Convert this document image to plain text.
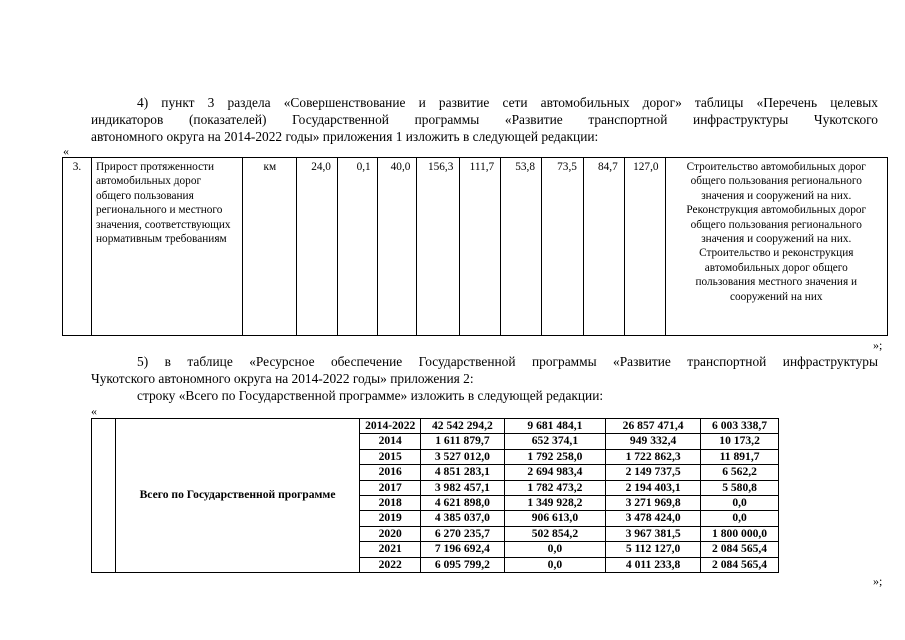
4) пункт 3 раздела «Совершенствование и развитие сети автомобильных дорог» таблицы «Перечень целевых
индикаторов (показателей) Государственной программы «Развитие транспортной инфраструктуры Чукотского
автономного округа на 2014-2022 годы» приложения 1 изложить в следующей редакции:
«
3.	Прирост протяженности автомобильных дорог общего пользования регионального и местного значения, соответствующих нормативным требованиям	км	24,0	0,1	40,0	156,3	111,7	53,8	73,5	84,7	127,0	Строительство автомобильных дорог общего пользования регионального значения и сооружений на них. Реконструкция автомобильных дорог общего пользования регионального значения и сооружений на них. Строительство и реконструкция автомобильных дорог общего пользования местного значения и сооружений на них
»;
5) в таблице «Ресурсное обеспечение Государственной программы «Развитие транспортной инфраструктуры
Чукотского автономного округа на 2014-2022 годы» приложения 2:
строку «Всего по Государственной программе» изложить в следующей редакции:
«
	Всего по Государственной программе	2014-2022	42 542 294,2	9 681 484,1	26 857 471,4	6 003 338,7
		2014	1 611 879,7	652 374,1	949 332,4	10 173,2
		2015	3 527 012,0	1 792 258,0	1 722 862,3	11 891,7
		2016	4 851 283,1	2 694 983,4	2 149 737,5	6 562,2
		2017	3 982 457,1	1 782 473,2	2 194 403,1	5 580,8
		2018	4 621 898,0	1 349 928,2	3 271 969,8	0,0
		2019	4 385 037,0	906 613,0	3 478 424,0	0,0
		2020	6 270 235,7	502 854,2	3 967 381,5	1 800 000,0
		2021	7 196 692,4	0,0	5 112 127,0	2 084 565,4
		2022	6 095 799,2	0,0	4 011 233,8	2 084 565,4
»;
